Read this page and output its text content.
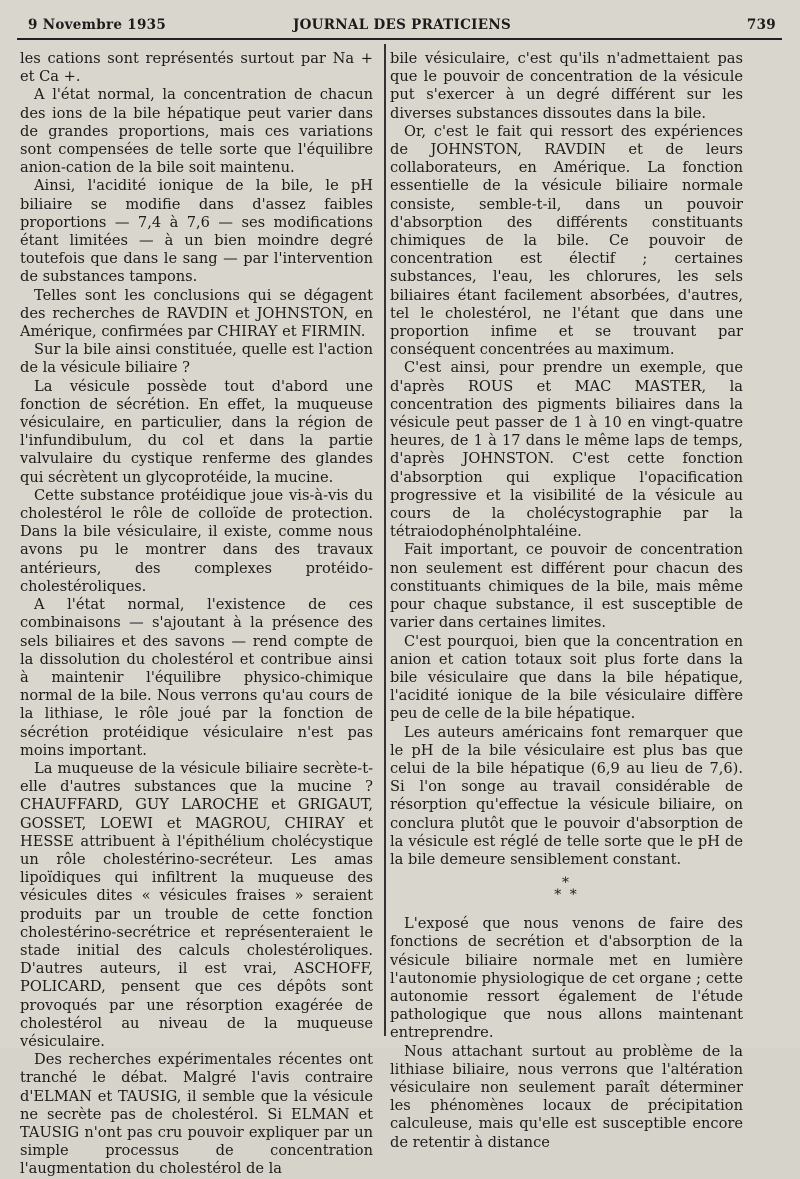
9 Novembre 1935	JOURNAL DES PRATICIENS	739

les cations sont représentés surtout par Na + et Ca +.

A l'état normal, la concentration de chacun des ions de la bile hépatique peut varier dans de grandes proportions, mais ces variations sont compensées de telle sorte que l'équilibre anion-cation de la bile soit maintenu.

Ainsi, l'acidité ionique de la bile, le pH biliaire se modifie dans d'assez faibles proportions — 7,4 à 7,6 — ses modifications étant limitées — à un bien moindre degré toutefois que dans le sang — par l'intervention de substances tampons.

Telles sont les conclusions qui se dégagent des recherches de RAVDIN et JOHNSTON, en Amérique, confirmées par CHIRAY et FIRMIN.

Sur la bile ainsi constituée, quelle est l'action de la vésicule biliaire ?

La vésicule possède tout d'abord une fonction de sécrétion. En effet, la muqueuse vésiculaire, en particulier, dans la région de l'infundibulum, du col et dans la partie valvulaire du cystique renferme des glandes qui sécrètent un glycoprotéide, la mucine.

Cette substance protéidique joue vis-à-vis du cholestérol le rôle de colloïde de protection. Dans la bile vésiculaire, il existe, comme nous avons pu le montrer dans des travaux antérieurs, des complexes protéido-cholestéroliques.

A l'état normal, l'existence de ces combinaisons — s'ajoutant à la présence des sels biliaires et des savons — rend compte de la dissolution du cholestérol et contribue ainsi à maintenir l'équilibre physico-chimique normal de la bile. Nous verrons qu'au cours de la lithiase, le rôle joué par la fonction de sécrétion protéidique vésiculaire n'est pas moins important.

La muqueuse de la vésicule biliaire secrète-t-elle d'autres substances que la mucine ? CHAUFFARD, GUY LAROCHE et GRIGAUT, GOSSET, LOEWI et MAGROU, CHIRAY et HESSE attribuent à l'épithélium cholécystique un rôle cholestérino-secréteur. Les amas lipoïdiques qui infiltrent la muqueuse des vésicules dites « vésicules fraises » seraient produits par un trouble de cette fonction cholestérino-secrétrice et représenteraient le stade initial des calculs cholestéroliques. D'autres auteurs, il est vrai, ASCHOFF, POLICARD, pensent que ces dépôts sont provoqués par une résorption exagérée de cholestérol au niveau de la muqueuse vésiculaire.

Des recherches expérimentales récentes ont tranché le débat. Malgré l'avis contraire d'ELMAN et TAUSIG, il semble que la vésicule ne secrète pas de cholestérol. Si ELMAN et TAUSIG n'ont pas cru pouvoir expliquer par un simple processus de concentration l'augmentation du cholestérol de la

bile vésiculaire, c'est qu'ils n'admettaient pas que le pouvoir de concentration de la vésicule put s'exercer à un degré différent sur les diverses substances dissoutes dans la bile.

Or, c'est le fait qui ressort des expériences de JOHNSTON, RAVDIN et de leurs collaborateurs, en Amérique. La fonction essentielle de la vésicule biliaire normale consiste, semble-t-il, dans un pouvoir d'absorption des différents constituants chimiques de la bile. Ce pouvoir de concentration est électif ; certaines substances, l'eau, les chlorures, les sels biliaires étant facilement absorbées, d'autres, tel le cholestérol, ne l'étant que dans une proportion infime et se trouvant par conséquent concentrées au maximum.

C'est ainsi, pour prendre un exemple, que d'après ROUS et MAC MASTER, la concentration des pigments biliaires dans la vésicule peut passer de 1 à 10 en vingt-quatre heures, de 1 à 17 dans le même laps de temps, d'après JOHNSTON. C'est cette fonction d'absorption qui explique l'opacification progressive et la visibilité de la vésicule au cours de la cholécystographie par la tétraiodophénolphtaléine.

Fait important, ce pouvoir de concentration non seulement est différent pour chacun des constituants chimiques de la bile, mais même pour chaque substance, il est susceptible de varier dans certaines limites.

C'est pourquoi, bien que la concentration en anion et cation totaux soit plus forte dans la bile vésiculaire que dans la bile hépatique, l'acidité ionique de la bile vésiculaire diffère peu de celle de la bile hépatique.

Les auteurs américains font remarquer que le pH de la bile vésiculaire est plus bas que celui de la bile hépatique (6,9 au lieu de 7,6). Si l'on songe au travail considérable de résorption qu'effectue la vésicule biliaire, on conclura plutôt que le pouvoir d'absorption de la vésicule est réglé de telle sorte que le pH de la bile demeure sensiblement constant.

*
* *

L'exposé que nous venons de faire des fonctions de secrétion et d'absorption de la vésicule biliaire normale met en lumière l'autonomie physiologique de cet organe ; cette autonomie ressort également de l'étude pathologique que nous allons maintenant entreprendre.

Nous attachant surtout au problème de la lithiase biliaire, nous verrons que l'altération vésiculaire non seulement paraît déterminer les phénomènes locaux de précipitation calculeuse, mais qu'elle est susceptible encore de retentir à distance
